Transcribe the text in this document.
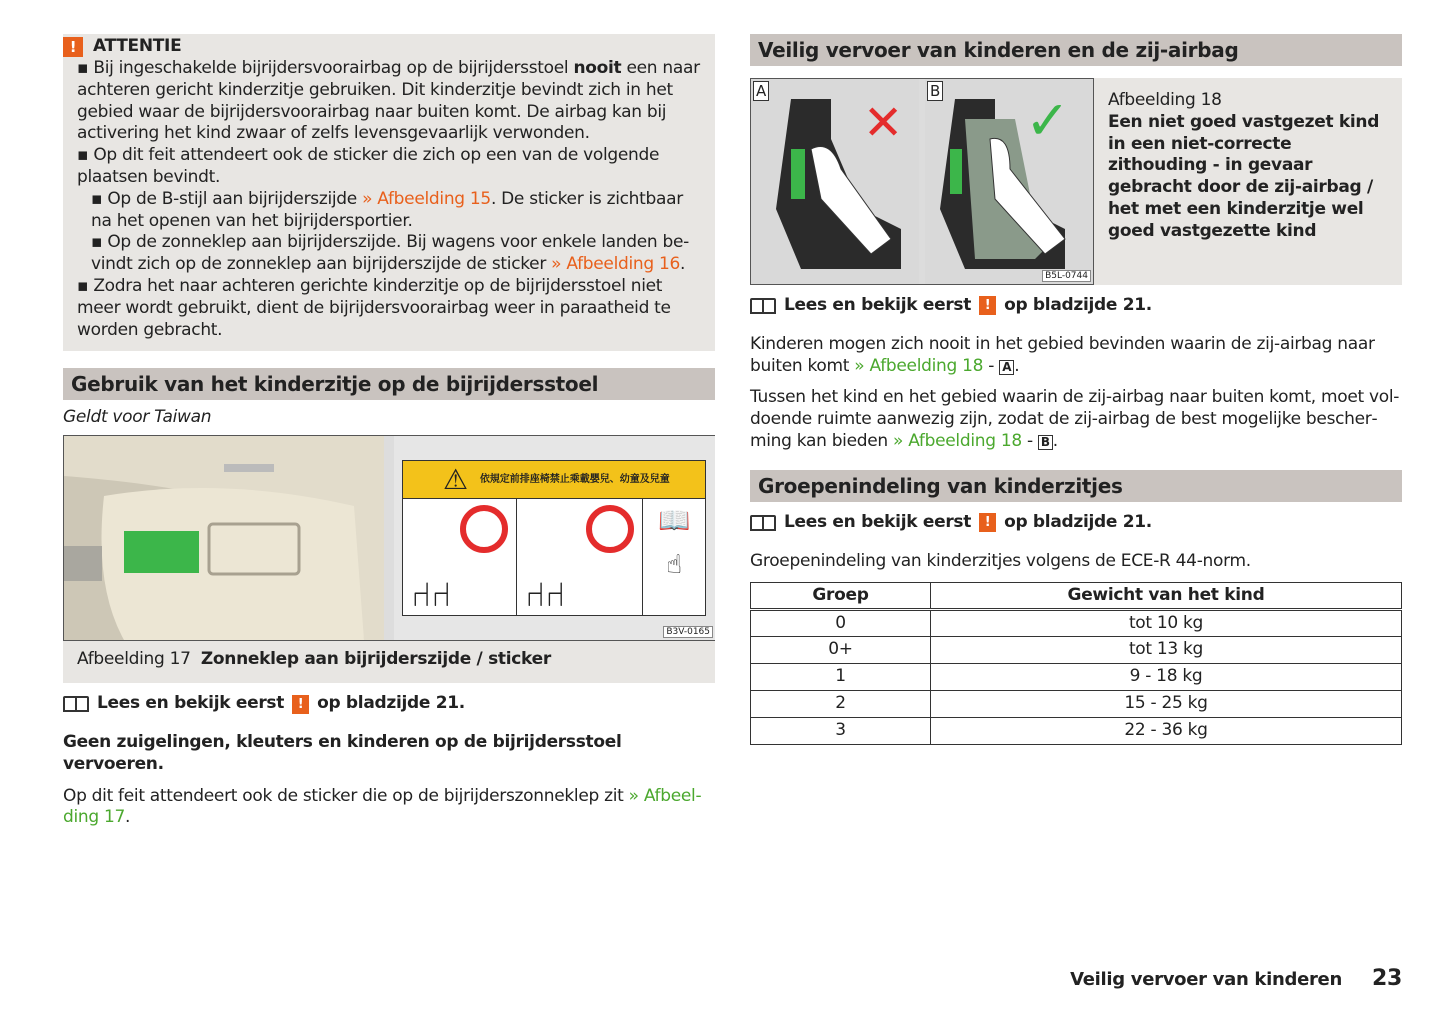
! ATTENTIE

▪ Bij ingeschakelde bijrijdersvoorairbag op de bijrijdersstoel nooit een naar achteren gericht kinderzitje gebruiken. Dit kinderzitje bevindt zich in het gebied waar de bijrijdersvoorairbag naar buiten komt. De airbag kan bij activering het kind zwaar of zelfs levensgevaarlijk verwonden.

▪ Op dit feit attendeert ook de sticker die zich op een van de volgende plaatsen bevindt.

▪ Op de B-stijl aan bijrijderszijde » Afbeelding 15. De sticker is zichtbaar na het openen van het bijrijdersportier.

▪ Op de zonneklep aan bijrijderszijde. Bij wagens voor enkele landen bevindt zich op de zonneklep aan bijrijderszijde de sticker » Afbeelding 16.

▪ Zodra het naar achteren gerichte kinderzitje op de bijrijdersstoel niet meer wordt gebruikt, dient de bijrijdersvoorairbag weer in paraatheid te worden gebracht.

Gebruik van het kinderzitje op de bijrijdersstoel
Geldt voor Taiwan
⚠ 依規定前排座椅禁止乘載嬰兒、幼童及兒童
⑁⑁ ⑁⑁
📖
☝
B3V-0165
Afbeelding 17 Zonneklep aan bijrijderszijde / sticker
Lees en bekijk eerst	! op bladzijde 21.

Geen zuigelingen, kleuters en kinderen op de bijrijdersstoel vervoeren.

Op dit feit attendeert ook de sticker die op de bijrijderszonneklep zit » Afbeelding 17.

Veilig vervoer van kinderen en de zij-airbag
A
✕
B ✓
B5L-0744
Afbeelding 18
Een niet goed vastgezet kind in een niet-correcte zithouding - in gevaar gebracht door de zij-airbag / het met een kinderzitje wel goed vastgezette kind
Lees en bekijk eerst	! op bladzijde 21.

Kinderen mogen zich nooit in het gebied bevinden waarin de zij-airbag naar buiten komt » Afbeelding 18 - A .

Tussen het kind en het gebied waarin de zij-airbag naar buiten komt, moet voldoende ruimte aanwezig zijn, zodat de zij-airbag de best mogelijke bescherming kan bieden » Afbeelding 18 - B .

Groepenindeling van kinderzitjes
Lees en bekijk eerst	! op bladzijde 21.

Groepenindeling van kinderzitjes volgens de ECE-R 44-norm.

Groep	Gewicht van het kind
0	tot 10 kg
0+	tot 13 kg
1	9 - 18 kg
2	15 - 25 kg
3	22 - 36 kg
Veilig vervoer van kinderen 23
